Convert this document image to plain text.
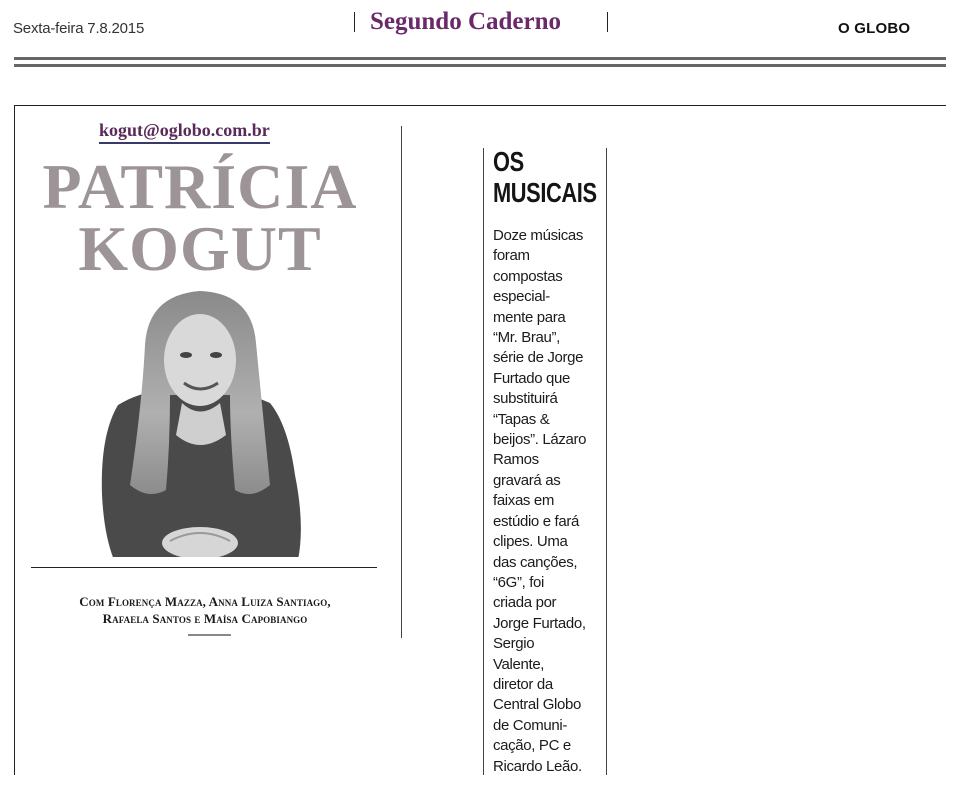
Sexta-feira 7.8.2015	Segundo Caderno	O GLOBO
kogut@oglobo.com.br
PATRÍCIA
KOGUT
Com Florença Mazza, Anna Luiza Santiago,
Rafaela Santos e Maísa Capobiango
OS
MUSICAIS
Doze músicas
foram
compostas
especial-
mente para
“Mr. Brau”,
série de Jorge
Furtado que
substituirá
“Tapas &
beijos”. Lázaro
Ramos
gravará as
faixas em
estúdio e fará
clipes. Uma
das canções,
“6G”, foi
criada por
Jorge Furtado,
Sergio
Valente,
diretor da
Central Globo
de Comuni-
cação, PC e
Ricardo Leão.
